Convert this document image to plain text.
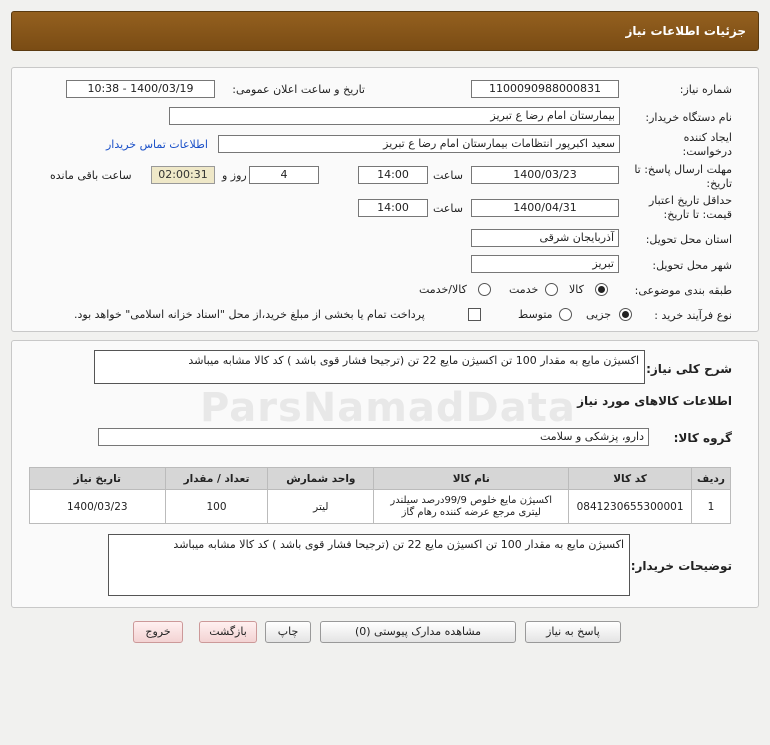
جزئیات اطلاعات نیاز
شماره نیاز:
1100090988000831
تاریخ و ساعت اعلان عمومی:
1400/03/19 - 10:38
نام دستگاه خریدار:
بیمارستان امام رضا ع تبریز
ایجاد کننده درخواست:
سعید اکبرپور انتظامات بیمارستان امام رضا ع تبریز
اطلاعات تماس خریدار
مهلت ارسال پاسخ: تا تاریخ:
1400/03/23
ساعت
14:00
4
روز و
02:00:31
ساعت باقی مانده
حداقل تاریخ اعتبار قیمت: تا تاریخ:
1400/04/31
ساعت
14:00
استان محل تحویل:
آذربایجان شرقی
شهر محل تحویل:
تبریز
طبقه بندی موضوعی:
کالا
خدمت
کالا/خدمت
نوع فرآیند خرید :
جزیی
متوسط
پرداخت تمام یا بخشی از مبلغ خرید،از محل "اسناد خزانه اسلامی" خواهد بود.
شرح کلی نیاز:
اکسیژن مایع به مقدار 100 تن اکسیژن مایع 22 تن (ترجیحا فشار قوی باشد ) کد کالا مشابه میباشد
اطلاعات کالاهای مورد نیاز
گروه کالا:
دارو، پزشکی و سلامت
ردیف	کد کالا	نام کالا	واحد شمارش	تعداد / مقدار	تاریخ نیاز
1	0841230655300001	اکسیژن مایع خلوص 99/9درصد سیلندر لیتری مرجع عرضه کننده رهام گاز	لیتر	100	1400/03/23
توضیحات خریدار:
اکسیژن مایع به مقدار 100 تن اکسیژن مایع 22 تن (ترجیحا فشار قوی باشد ) کد کالا مشابه میباشد
پاسخ به نیاز
مشاهده مدارک پیوستی (0)
چاپ
بازگشت
خروج
